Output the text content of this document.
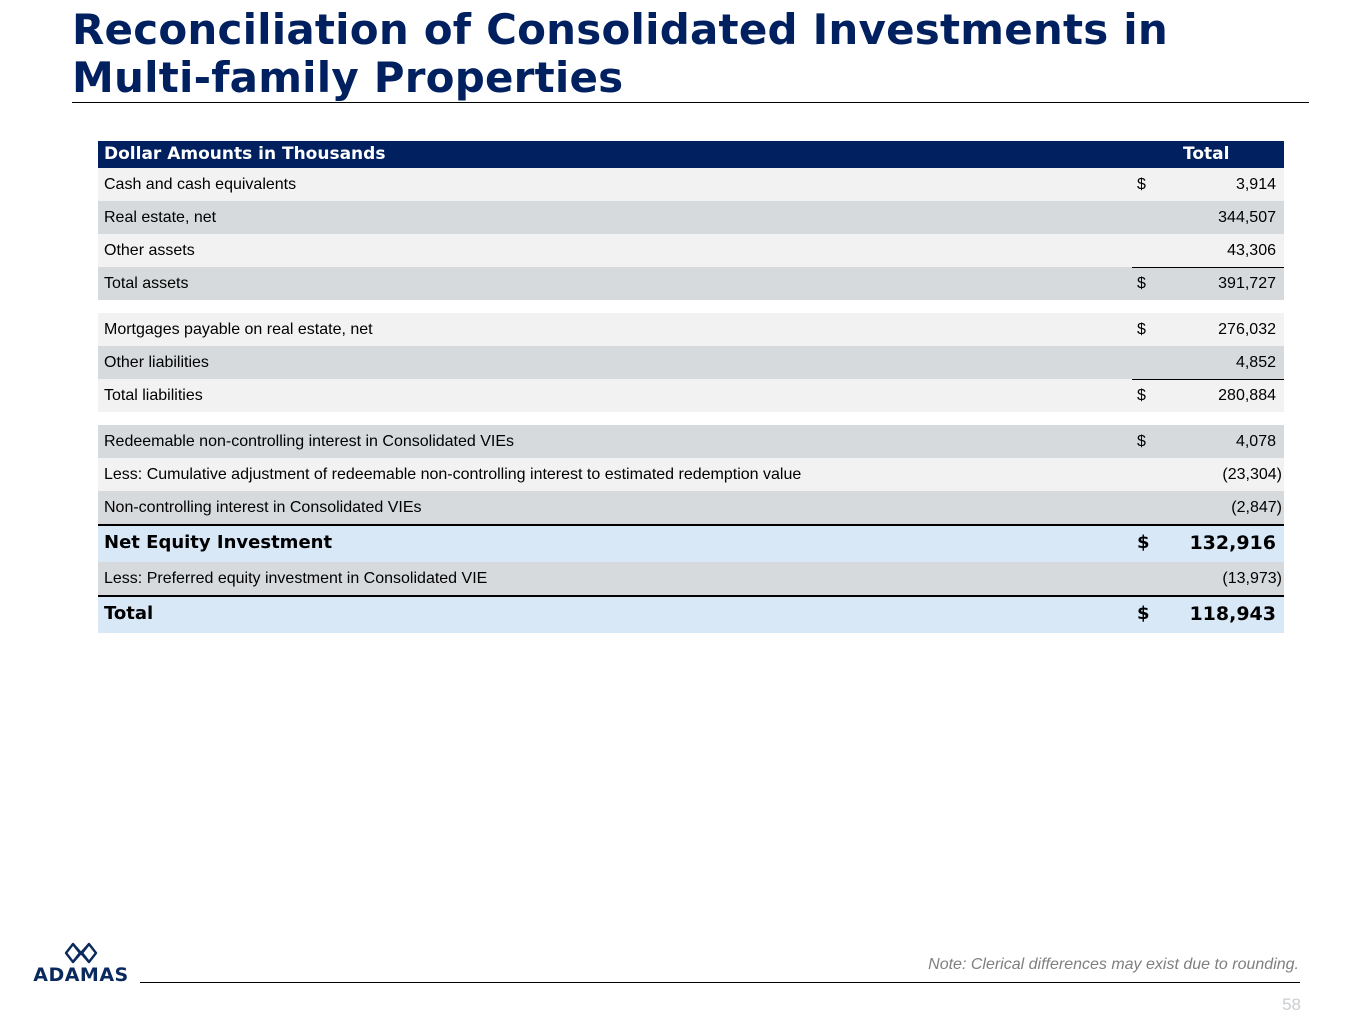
Reconciliation of Consolidated Investments in Multi-family Properties
Dollar Amounts in Thousands	Total
Cash and cash equivalents	$	3,914
Real estate, net	344,507
Other assets	43,306
Total assets	$	391,727
Mortgages payable on real estate, net	$	276,032
Other liabilities	4,852
Total liabilities	$	280,884
Redeemable non-controlling interest in Consolidated VIEs	$	4,078
Less: Cumulative adjustment of redeemable non-controlling interest to estimated redemption value	(23,304)
Non-controlling interest in Consolidated VIEs	(2,847)
Net Equity Investment	$ 132,916
Less: Preferred equity investment in Consolidated VIE	(13,973)
Total	$ 118,943
ADAMAS	Note: Clerical differences may exist due to rounding.
58
